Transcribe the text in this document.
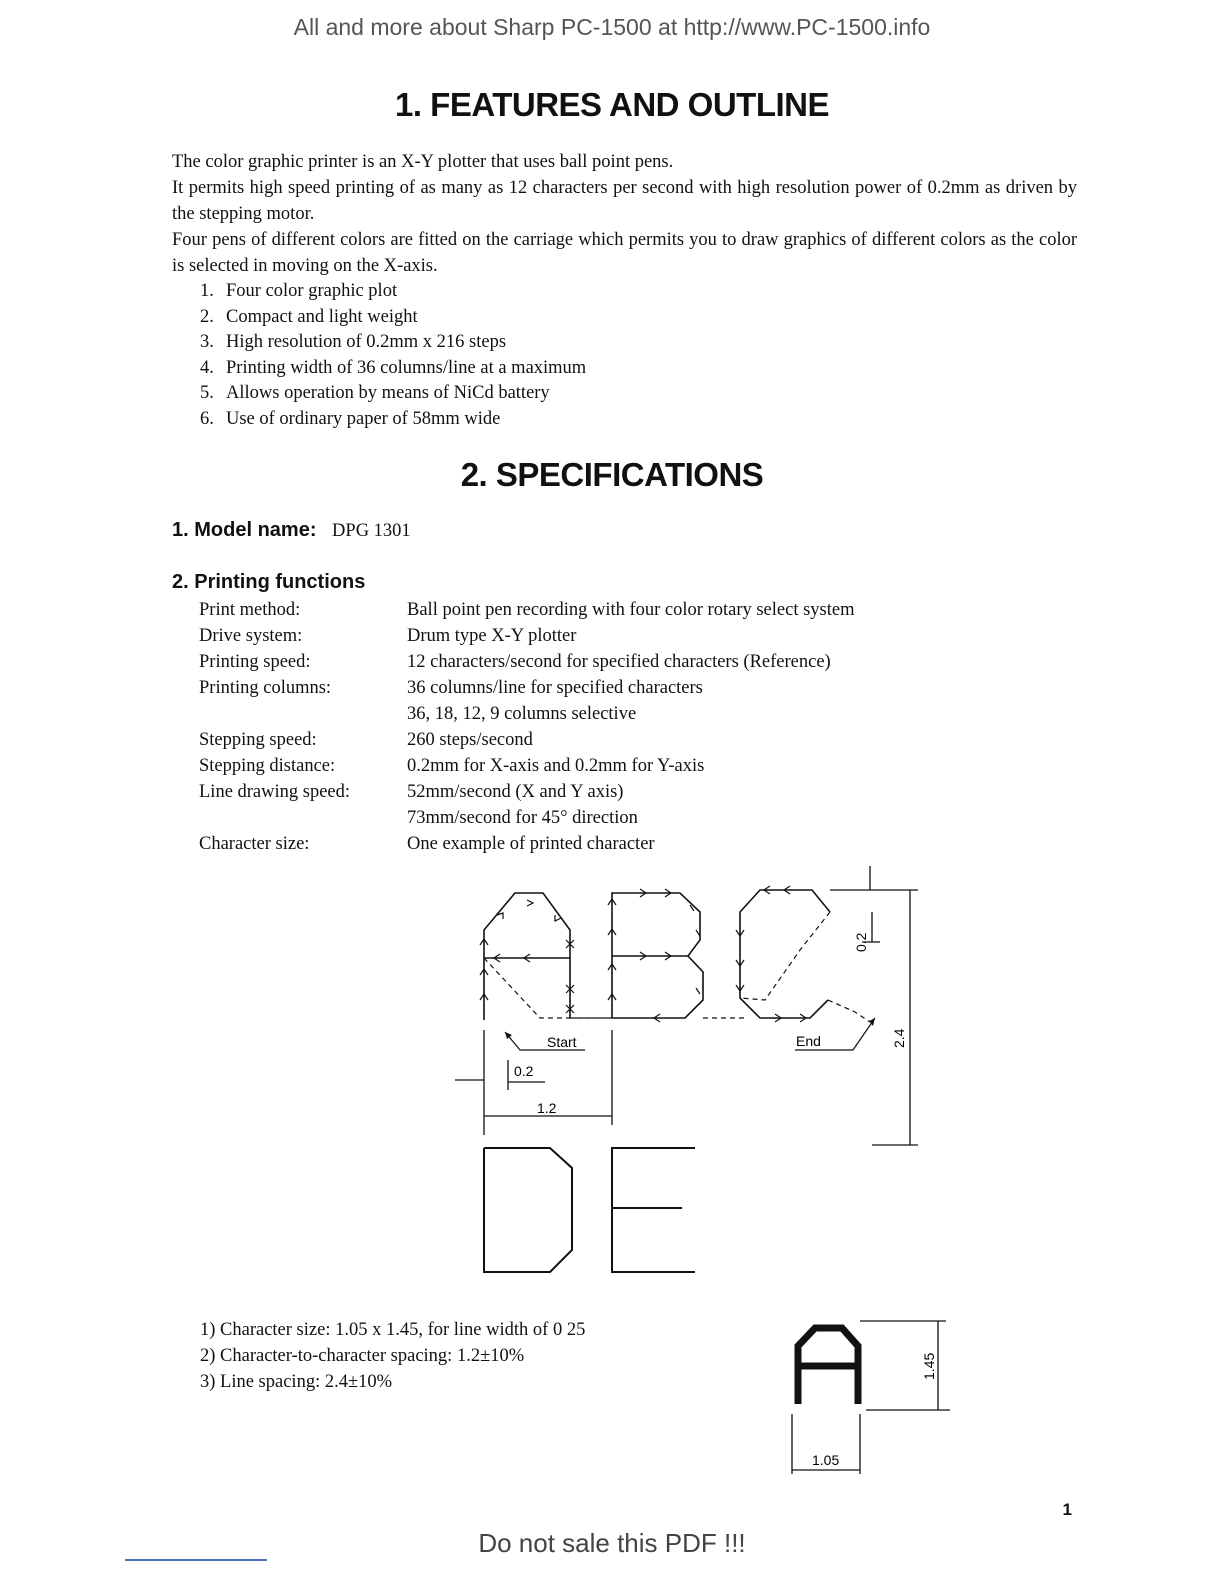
All and more about Sharp PC-1500 at http://www.PC-1500.info
1. FEATURES AND OUTLINE
The color graphic printer is an X-Y plotter that uses ball point pens.
It permits high speed printing of as many as 12 characters per second with high resolution power of 0.2mm as driven by the stepping motor.
Four pens of different colors are fitted on the carriage which permits you to draw graphics of different colors as the color is selected in moving on the X-axis.
1. Four color graphic plot
2. Compact and light weight
3. High resolution of 0.2mm x 216 steps
4. Printing width of 36 columns/line at a maximum
5. Allows operation by means of NiCd battery
6. Use of ordinary paper of 58mm wide
2. SPECIFICATIONS
1. Model name: DPG 1301
2. Printing functions
Print method:	Ball point pen recording with four color rotary select system
Drive system:	Drum type X-Y plotter
Printing speed:	12 characters/second for specified characters (Reference)
Printing columns:	36 columns/line for specified characters
36, 18, 12, 9 columns selective
Stepping speed:	260 steps/second
Stepping distance:	0.2mm for X-axis and 0.2mm for Y-axis
Line drawing speed:	52mm/second (X and Y axis)
73mm/second for 45° direction
Character size:	One example of printed character
Start	End
0.2
1.2
0.2
2.4
1) Character size: 1.05 x 1.45, for line width of 0 25
2) Character-to-character spacing: 1.2±10%
3) Line spacing: 2.4±10%
1.45
1.05
1
Do not sale this PDF !!!
